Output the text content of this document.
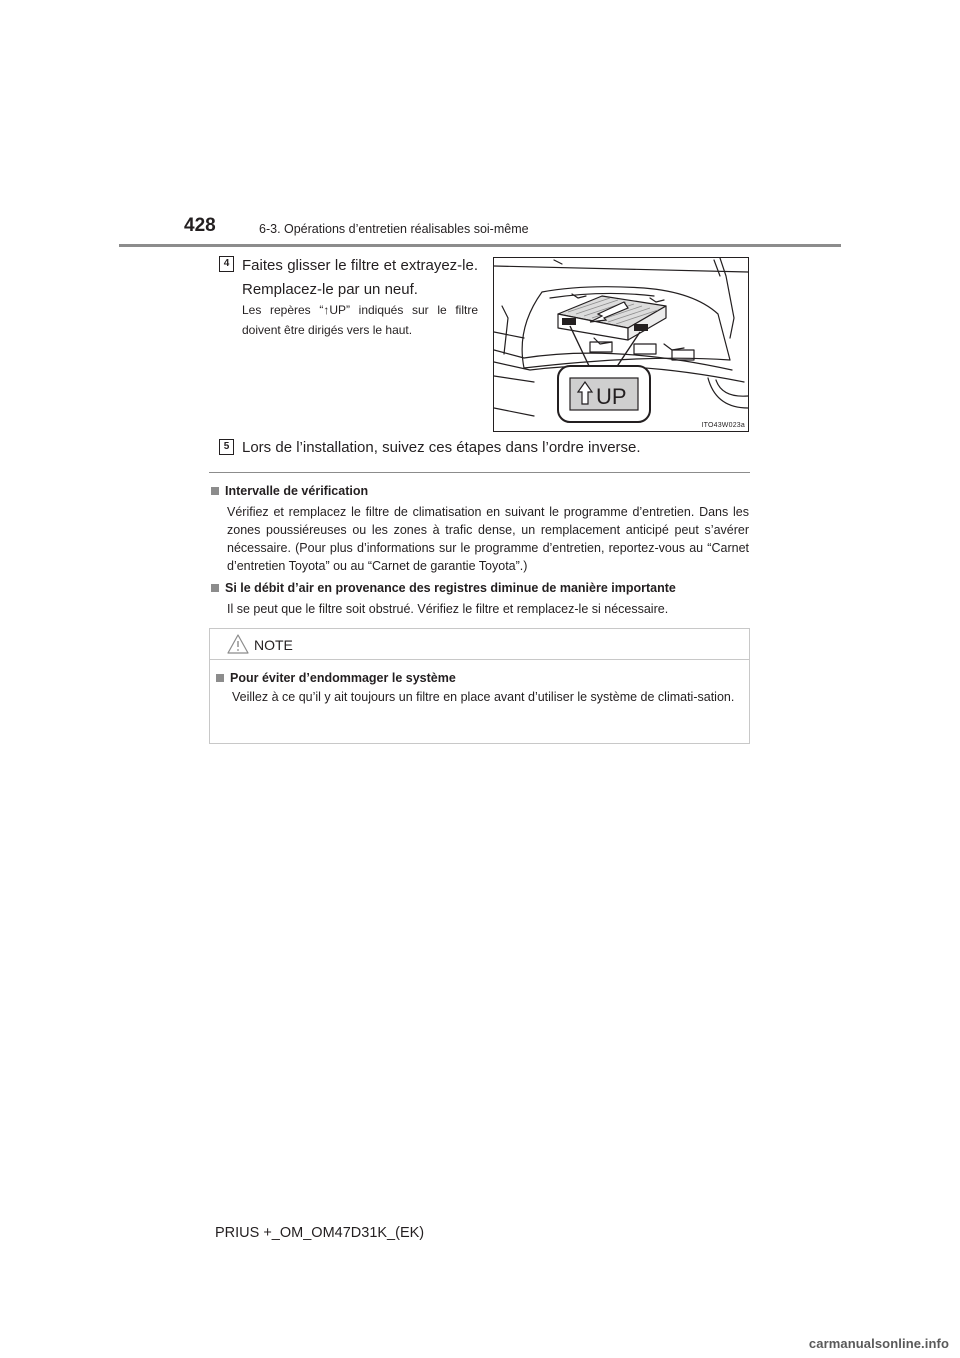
428	6-3. Opérations d’entretien réalisables soi-même
4 Faites glisser le filtre et extrayez-le. Remplacez-le par un neuf.
Les repères “↑UP” indiqués sur le filtre doivent être dirigés vers le haut.
UP
ITO43W023a
5 Lors de l’installation, suivez ces étapes dans l’ordre inverse.
Intervalle de vérification
Vérifiez et remplacez le filtre de climatisation en suivant le programme d’entretien. Dans les zones poussiéreuses ou les zones à trafic dense, un remplacement anticipé peut s’avérer nécessaire. (Pour plus d’informations sur le programme d’entretien, reportez-vous au “Carnet d’entretien Toyota” ou au “Carnet de garantie Toyota”.)
Si le débit d’air en provenance des registres diminue de manière importante
Il se peut que le filtre soit obstrué. Vérifiez le filtre et remplacez-le si nécessaire.
NOTE
Pour éviter d’endommager le système
Veillez à ce qu’il y ait toujours un filtre en place avant d’utiliser le système de climati-sation.
PRIUS +_OM_OM47D31K_(EK)
carmanualsonline.info
